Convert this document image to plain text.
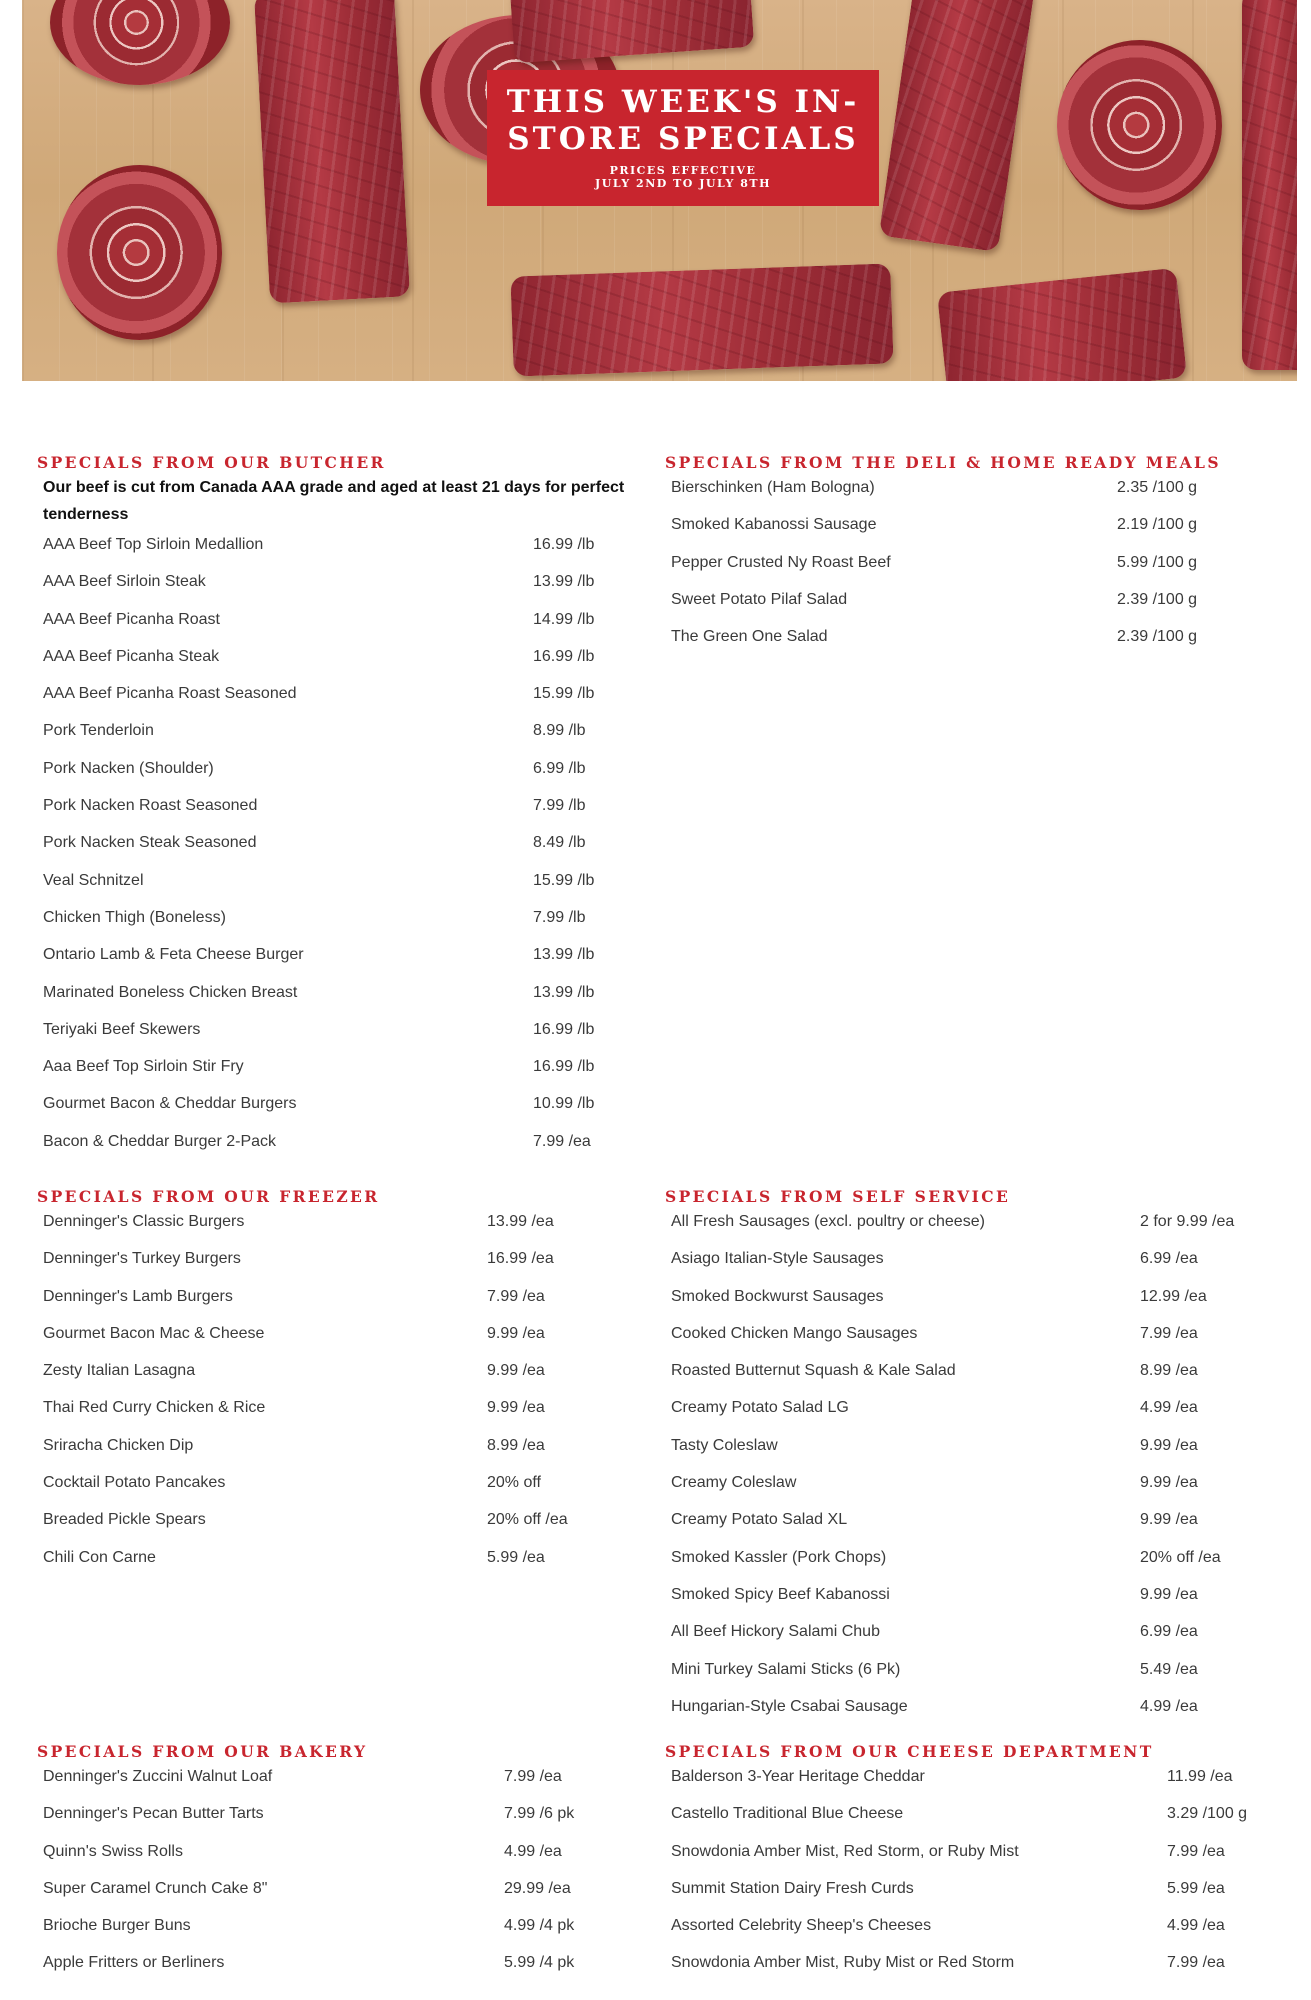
THIS WEEK'S IN-STORE SPECIALS
PRICES EFFECTIVE
JULY 2ND TO JULY 8TH
SPECIALS FROM OUR BUTCHER
Our beef is cut from Canada AAA grade and aged at least 21 days for perfect tenderness
AAA Beef Top Sirloin Medallion	16.99 /lb
AAA Beef Sirloin Steak	13.99 /lb
AAA Beef Picanha Roast	14.99 /lb
AAA Beef Picanha Steak	16.99 /lb
AAA Beef Picanha Roast Seasoned	15.99 /lb
Pork Tenderloin	8.99 /lb
Pork Nacken (Shoulder)	6.99 /lb
Pork Nacken Roast Seasoned	7.99 /lb
Pork Nacken Steak Seasoned	8.49 /lb
Veal Schnitzel	15.99 /lb
Chicken Thigh (Boneless)	7.99 /lb
Ontario Lamb & Feta Cheese Burger	13.99 /lb
Marinated Boneless Chicken Breast	13.99 /lb
Teriyaki Beef Skewers	16.99 /lb
Aaa Beef Top Sirloin Stir Fry	16.99 /lb
Gourmet Bacon & Cheddar Burgers	10.99 /lb
Bacon & Cheddar Burger 2-Pack	7.99 /ea
SPECIALS FROM THE DELI & HOME READY MEALS
Bierschinken (Ham Bologna)	2.35 /100 g
Smoked Kabanossi Sausage	2.19 /100 g
Pepper Crusted Ny Roast Beef	5.99 /100 g
Sweet Potato Pilaf Salad	2.39 /100 g
The Green One Salad	2.39 /100 g
SPECIALS FROM OUR FREEZER
Denninger's Classic Burgers	13.99 /ea
Denninger's Turkey Burgers	16.99 /ea
Denninger's Lamb Burgers	7.99 /ea
Gourmet Bacon Mac & Cheese	9.99 /ea
Zesty Italian Lasagna	9.99 /ea
Thai Red Curry Chicken & Rice	9.99 /ea
Sriracha Chicken Dip	8.99 /ea
Cocktail Potato Pancakes	20% off
Breaded Pickle Spears	20% off /ea
Chili Con Carne	5.99 /ea
SPECIALS FROM SELF SERVICE
All Fresh Sausages (excl. poultry or cheese)	2 for 9.99 /ea
Asiago Italian-Style Sausages	6.99 /ea
Smoked Bockwurst Sausages	12.99 /ea
Cooked Chicken Mango Sausages	7.99 /ea
Roasted Butternut Squash & Kale Salad	8.99 /ea
Creamy Potato Salad LG	4.99 /ea
Tasty Coleslaw	9.99 /ea
Creamy Coleslaw	9.99 /ea
Creamy Potato Salad XL	9.99 /ea
Smoked Kassler (Pork Chops)	20% off /ea
Smoked Spicy Beef Kabanossi	9.99 /ea
All Beef Hickory Salami Chub	6.99 /ea
Mini Turkey Salami Sticks (6 Pk)	5.49 /ea
Hungarian-Style Csabai Sausage	4.99 /ea
SPECIALS FROM OUR BAKERY
Denninger's Zuccini Walnut Loaf	7.99 /ea
Denninger's Pecan Butter Tarts	7.99 /6 pk
Quinn's Swiss Rolls	4.99 /ea
Super Caramel Crunch Cake 8"	29.99 /ea
Brioche Burger Buns	4.99 /4 pk
Apple Fritters or Berliners	5.99 /4 pk
SPECIALS FROM OUR CHEESE DEPARTMENT
Balderson 3-Year Heritage Cheddar	11.99 /ea
Castello Traditional Blue Cheese	3.29 /100 g
Snowdonia Amber Mist, Red Storm, or Ruby Mist	7.99 /ea
Summit Station Dairy Fresh Curds	5.99 /ea
Assorted Celebrity Sheep's Cheeses	4.99 /ea
Snowdonia Amber Mist, Ruby Mist or Red Storm	7.99 /ea
